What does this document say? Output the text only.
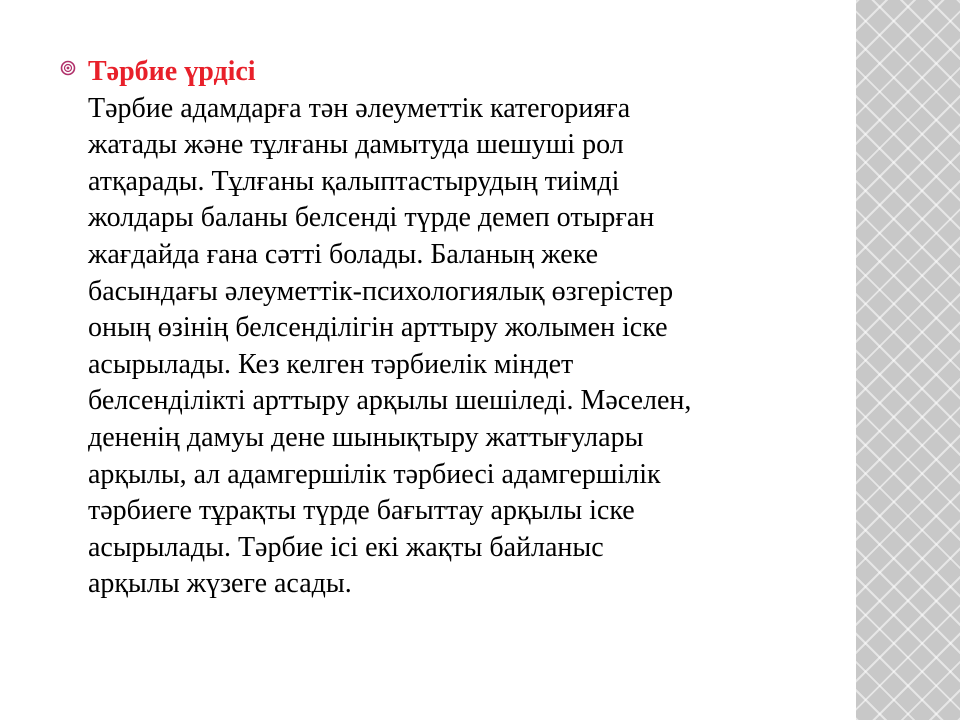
Тәрбие үрдісі
Тәрбие адамдарға тән әлеуметтік категорияға
жатады және тұлғаны дамытуда шешуші рол
атқарады. Тұлғаны қалыптастырудың тиімді
жолдары баланы белсенді түрде демеп отырған
жағдайда ғана сәтті болады. Баланың жеке
басындағы әлеуметтік-психологиялық өзгерістер
оның өзінің белсенділігін арттыру жолымен іске
асырылады. Кез келген тәрбиелік міндет
белсенділікті арттыру арқылы шешіледі. Мәселен,
дененің дамуы дене шынықтыру жаттығулары
арқылы, ал адамгершілік тәрбиесі адамгершілік
тәрбиеге тұрақты түрде бағыттау арқылы іске
асырылады. Тәрбие ісі екі жақты байланыс
арқылы жүзеге асады.
